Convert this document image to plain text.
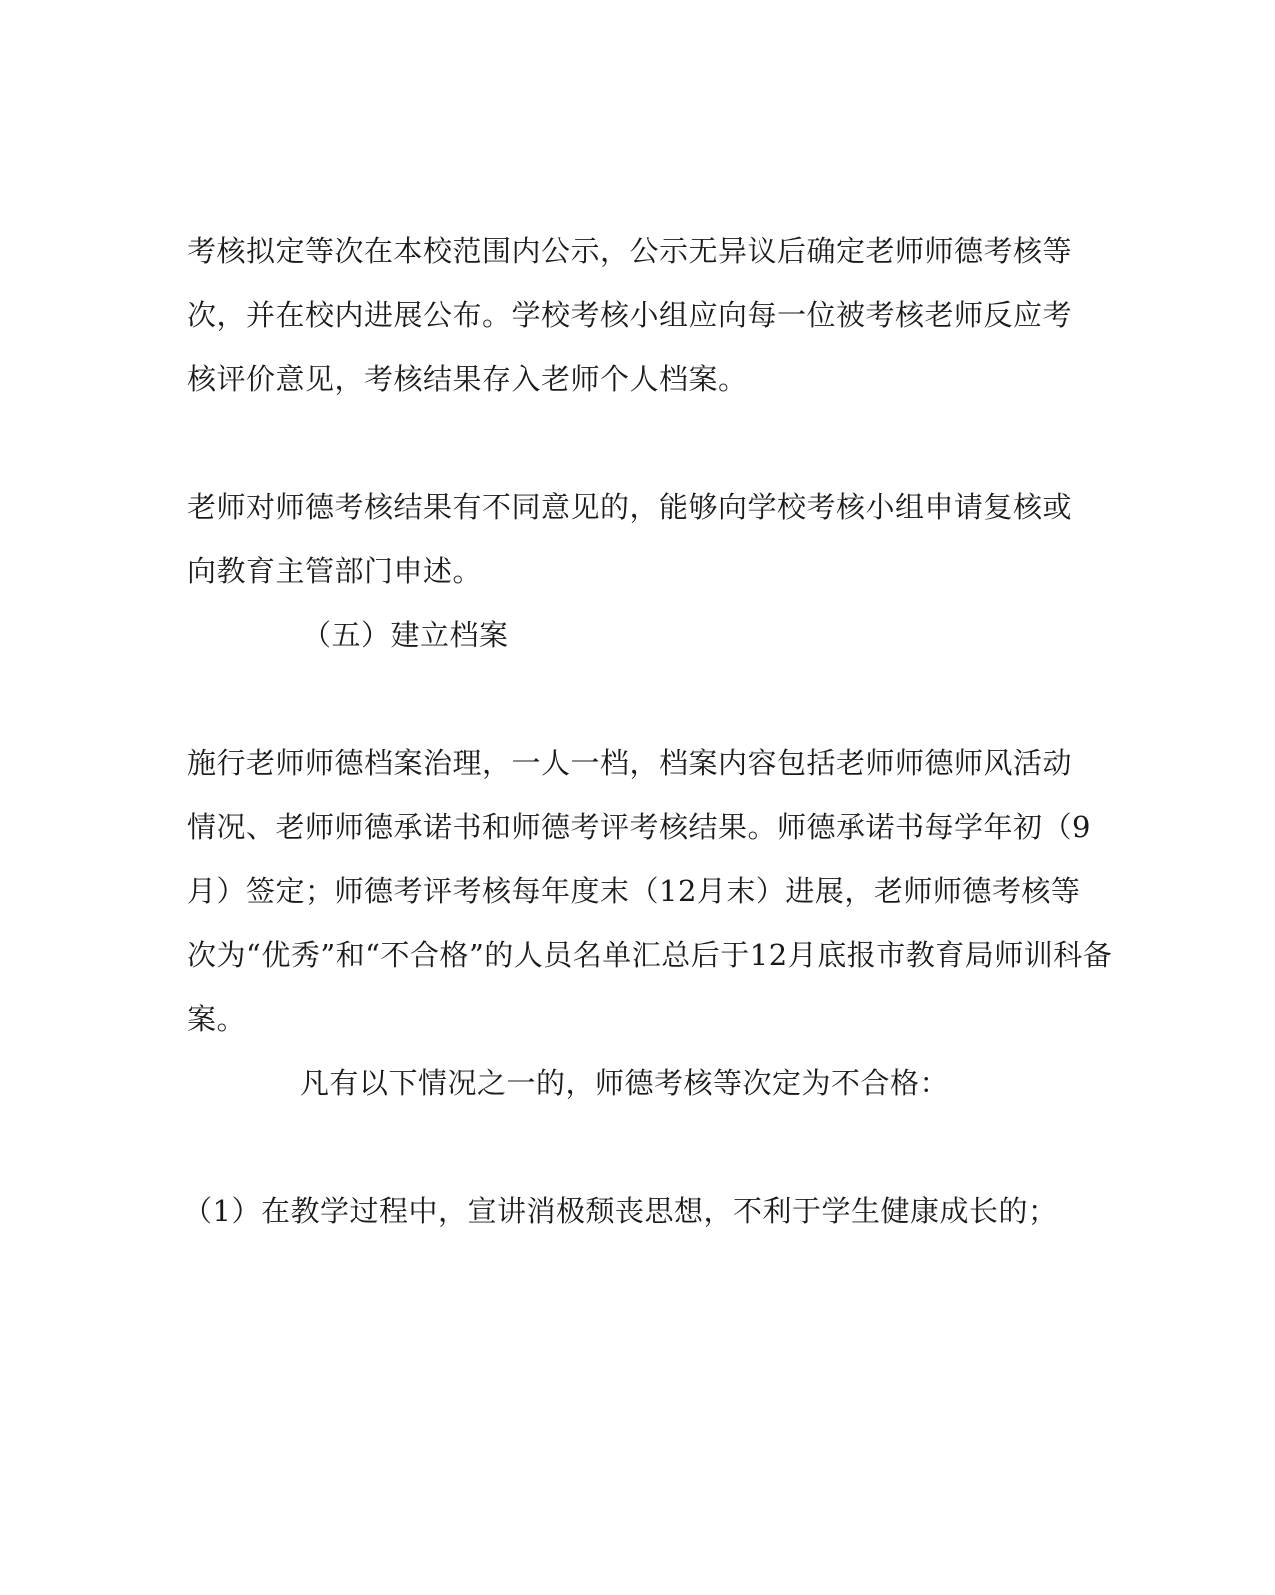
考核拟定等次在本校范围内公示，公示无异议后确定老师师德考核等
次，并在校内进展公布。学校考核小组应向每一位被考核老师反应考
核评价意见，考核结果存入老师个人档案。
老师对师德考核结果有不同意见的，能够向学校考核小组申请复核或
向教育主管部门申述。
（五）建立档案
施行老师师德档案治理，一人一档，档案内容包括老师师德师风活动
情况、老师师德承诺书和师德考评考核结果。师德承诺书每学年初（9
月）签定；师德考评考核每年度末（12月末）进展，老师师德考核等
次为“优秀”和“不合格”的人员名单汇总后于12月底报市教育局师训科备
案。
凡有以下情况之一的，师德考核等次定为不合格：
（1）在教学过程中，宣讲消极颓丧思想，不利于学生健康成长的；
